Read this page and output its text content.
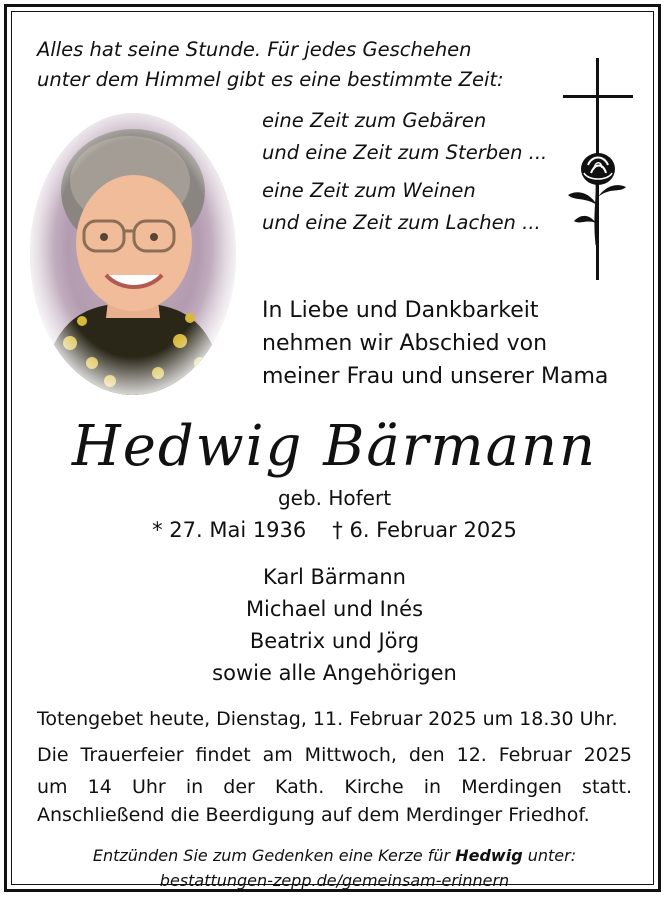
Alles hat seine Stunde. Für jedes Geschehen
unter dem Himmel gibt es eine bestimmte Zeit:
eine Zeit zum Gebären
und eine Zeit zum Sterben ...
eine Zeit zum Weinen
und eine Zeit zum Lachen ...
In Liebe und Dankbarkeit
nehmen wir Abschied von
meiner Frau und unserer Mama
Hedwig Bärmann
geb. Hofert
* 27. Mai 1936 † 6. Februar 2025
Karl Bärmann
Michael und Inés
Beatrix und Jörg
sowie alle Angehörigen
Totengebet heute, Dienstag, 11. Februar 2025 um 18.30 Uhr.
Die Trauerfeier findet am Mittwoch, den 12. Februar 2025
um 14 Uhr in der Kath. Kirche in Merdingen statt.
Anschließend die Beerdigung auf dem Merdinger Friedhof.
Entzünden Sie zum Gedenken eine Kerze für Hedwig unter:
bestattungen-zepp.de/gemeinsam-erinnern
